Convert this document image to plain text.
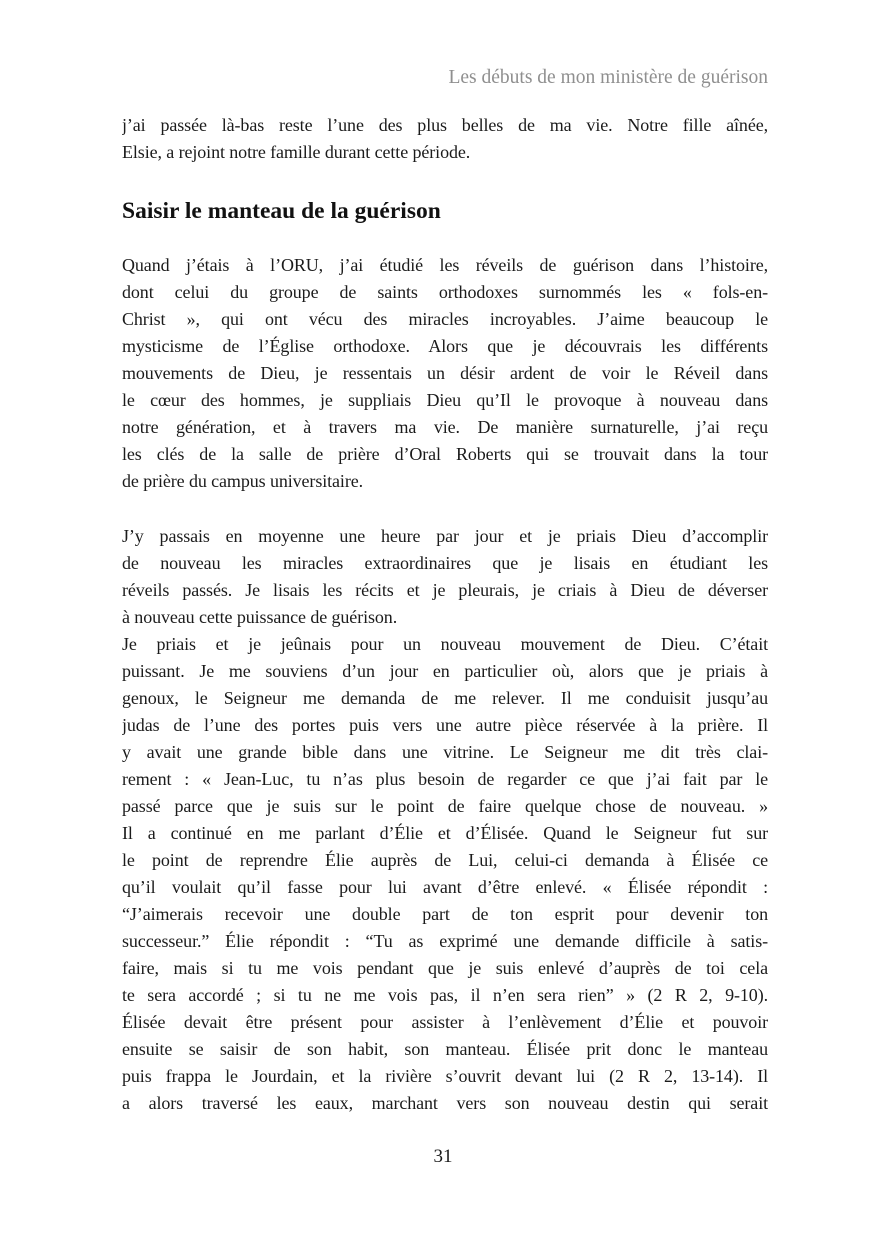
Les débuts de mon ministère de guérison
j’ai passée là-bas reste l’une des plus belles de ma vie. Notre fille aînée,
Elsie, a rejoint notre famille durant cette période.
Saisir le manteau de la guérison
Quand j’étais à l’ORU, j’ai étudié les réveils de guérison dans l’histoire,
dont celui du groupe de saints orthodoxes surnommés les « fols-en-
Christ », qui ont vécu des miracles incroyables. J’aime beaucoup le
mysticisme de l’Église orthodoxe. Alors que je découvrais les différents
mouvements de Dieu, je ressentais un désir ardent de voir le Réveil dans
le cœur des hommes, je suppliais Dieu qu’Il le provoque à nouveau dans
notre génération, et à travers ma vie. De manière surnaturelle, j’ai reçu
les clés de la salle de prière d’Oral Roberts qui se trouvait dans la tour
de prière du campus universitaire.
J’y passais en moyenne une heure par jour et je priais Dieu d’accomplir
de nouveau les miracles extraordinaires que je lisais en étudiant les
réveils passés. Je lisais les récits et je pleurais, je criais à Dieu de déverser
à nouveau cette puissance de guérison.
Je priais et je jeûnais pour un nouveau mouvement de Dieu. C’était
puissant. Je me souviens d’un jour en particulier où, alors que je priais à
genoux, le Seigneur me demanda de me relever. Il me conduisit jusqu’au
judas de l’une des portes puis vers une autre pièce réservée à la prière. Il
y avait une grande bible dans une vitrine. Le Seigneur me dit très clai-
rement : « Jean-Luc, tu n’as plus besoin de regarder ce que j’ai fait par le
passé parce que je suis sur le point de faire quelque chose de nouveau. »
Il a continué en me parlant d’Élie et d’Élisée. Quand le Seigneur fut sur
le point de reprendre Élie auprès de Lui, celui-ci demanda à Élisée ce
qu’il voulait qu’il fasse pour lui avant d’être enlevé. « Élisée répondit :
“J’aimerais recevoir une double part de ton esprit pour devenir ton
successeur.” Élie répondit : “Tu as exprimé une demande difficile à satis-
faire, mais si tu me vois pendant que je suis enlevé d’auprès de toi cela
te sera accordé ; si tu ne me vois pas, il n’en sera rien” » (2 R 2, 9-10).
Élisée devait être présent pour assister à l’enlèvement d’Élie et pouvoir
ensuite se saisir de son habit, son manteau. Élisée prit donc le manteau
puis frappa le Jourdain, et la rivière s’ouvrit devant lui (2 R 2, 13-14). Il
a alors traversé les eaux, marchant vers son nouveau destin qui serait
31
